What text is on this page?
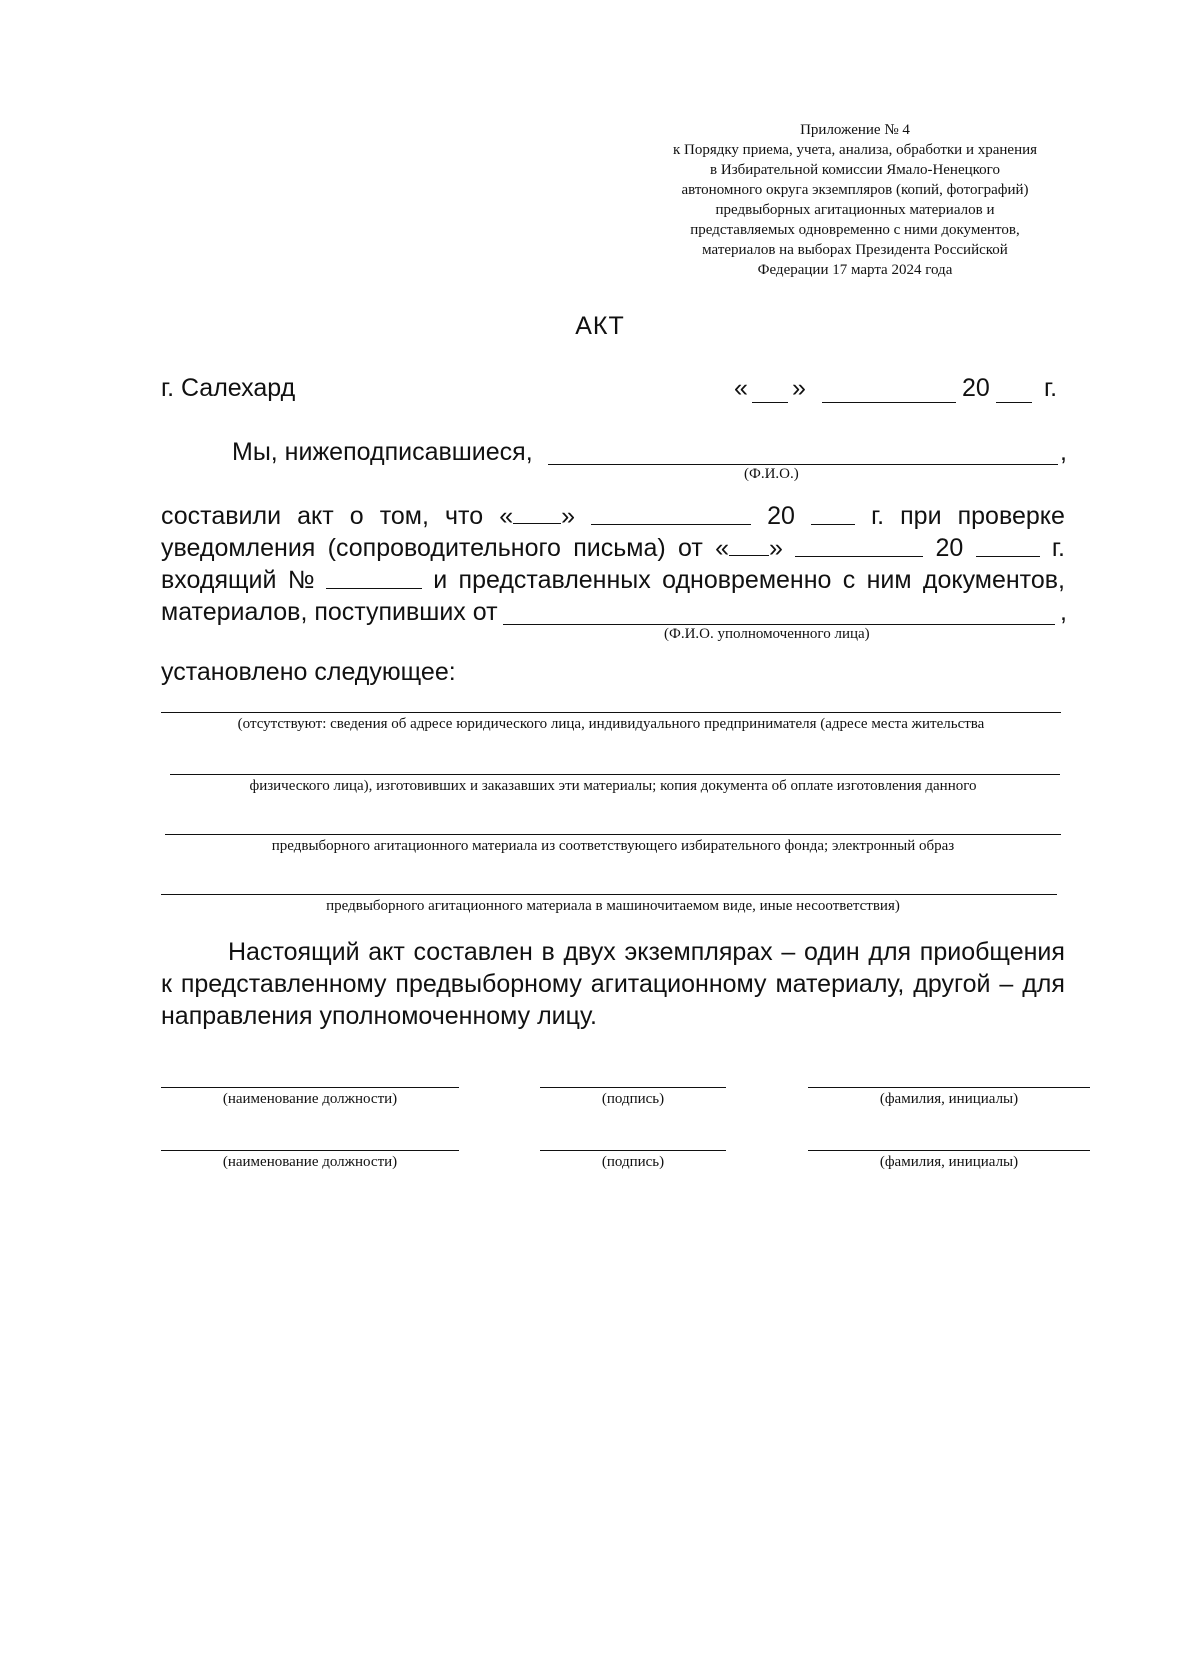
Приложение № 4
к Порядку приема, учета, анализа, обработки и хранения
в Избирательной комиссии Ямало-Ненецкого
автономного округа экземпляров (копий, фотографий)
предвыборных агитационных материалов и
представляемых одновременно с ними документов,
материалов на выборах Президента Российской
Федерации 17 марта 2024 года
АКТ
г. Салехард	« »	20 г.
Мы, нижеподписавшиеся,	,
(Ф.И.О.)
составили акт о том, что « »	20	г. при проверке
уведомления (сопроводительного письма) от « »	20	г.
входящий №	и представленных одновременно с ним документов,
материалов, поступивших от	,
(Ф.И.О. уполномоченного лица)
установлено следующее:
(отсутствуют: сведения об адресе юридического лица, индивидуального предпринимателя (адресе места жительства
физического лица), изготовивших и заказавших эти материалы; копия документа об оплате изготовления данного
предвыборного агитационного материала из соответствующего избирательного фонда; электронный образ
предвыборного агитационного материала в машиночитаемом виде, иные несоответствия)
Настоящий акт составлен в двух экземплярах – один для приобщения
к представленному предвыборному агитационному материалу, другой – для
направления уполномоченному лицу.
(наименование должности)	(подпись)	(фамилия, инициалы)
(наименование должности)	(подпись)	(фамилия, инициалы)
